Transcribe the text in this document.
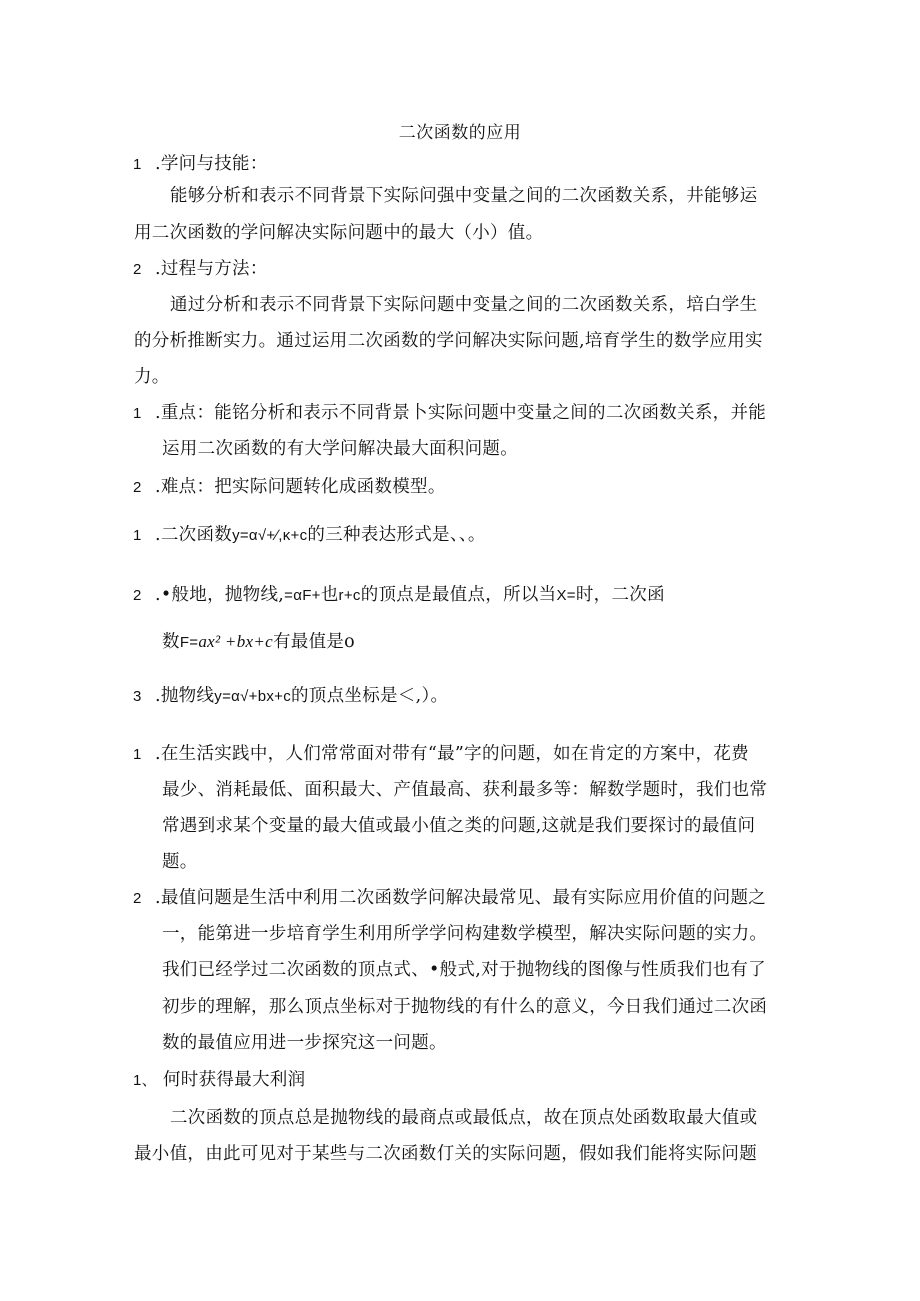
二次函数的应用
1 .学问与技能：
能够分析和表示不同背景下实际问强中变量之间的二次函数关系，井能够运
用二次函数的学问解决实际问题中的最大（小）值。
2 .过程与方法：
通过分析和表示不同背景下实际问题中变量之间的二次函数关系，培白学生
的分析推断实力。通过运用二次函数的学问解决实际问题,培育学生的数学应用实
力。
1 .重点：能铭分析和表示不同背景卜实际问题中变量之间的二次函数关系，并能
运用二次函数的有大学问解决最大面积问题。
2 .难点：把实际问题转化成函数模型。
1 .二次函数y=α√+∕,κ+c的三种表达形式是、、。
2 .•般地，抛物线,=αF+也r+c的顶点是最值点，所以当X=时，二次函
数F=ax² +bx+c有最值是o
3 .抛物线y=α√+bx+c的顶点坐标是＜,）。
1 .在生活实践中，人们常常面对带有“最”字的问题，如在肯定的方案中，花费
最少、消耗最低、面积最大、产值最高、获利最多等：解数学题时，我们也常
常遇到求某个变量的最大值或最小值之类的问题,这就是我们要探讨的最值问
题。
2 .最值问题是生活中利用二次函数学问解决最常见、最有实际应用价值的问题之
一，能第进一步培育学生利用所学学问构建数学模型，解决实际问题的实力。
我们已经学过二次函数的顶点式、•般式,对于抛物线的图像与性质我们也有了
初步的理解，那么顶点坐标对于抛物线的有什么的意义，今日我们通过二次函
数的最值应用进一步探究这一问题。
1、 何时获得最大利润
二次函数的顶点总是抛物线的最商点或最低点，故在顶点处函数取最大值或
最小值，由此可见对于某些与二次函数仃关的实际问题，假如我们能将实际问题
